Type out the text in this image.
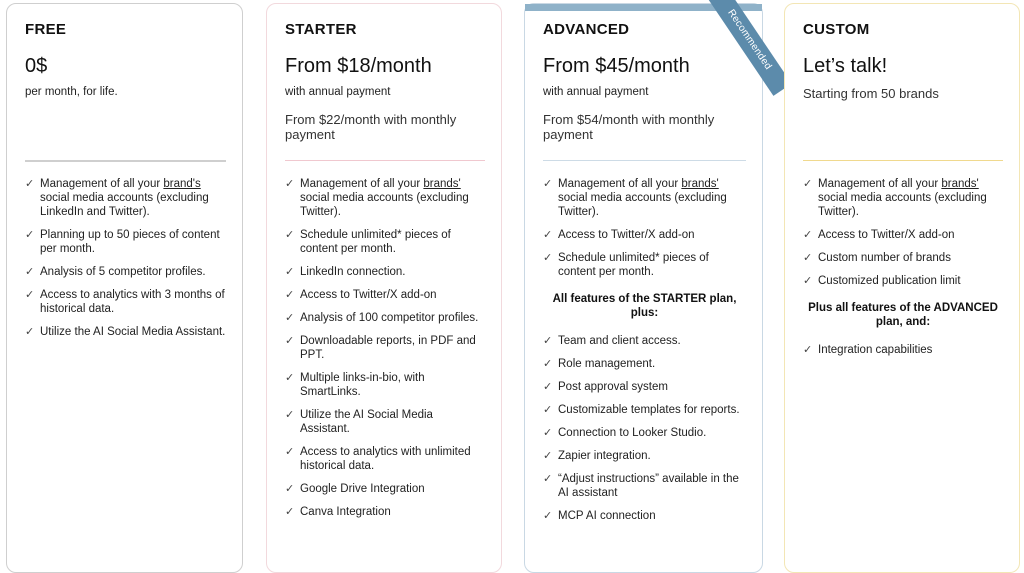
FREE
0$
per month, for life.
✓ Management of all your brand's social media accounts (excluding LinkedIn and Twitter).
✓ Planning up to 50 pieces of content per month.
✓ Analysis of 5 competitor profiles.
✓ Access to analytics with 3 months of historical data.
✓ Utilize the AI Social Media Assistant.
STARTER
From $18/month
with annual payment
From $22/month with monthly payment
✓ Management of all your brands' social media accounts (excluding Twitter).
✓ Schedule unlimited* pieces of content per month.
✓ LinkedIn connection.
✓ Access to Twitter/X add-on
✓ Analysis of 100 competitor profiles.
✓ Downloadable reports, in PDF and PPT.
✓ Multiple links-in-bio, with SmartLinks.
✓ Utilize the AI Social Media Assistant.
✓ Access to analytics with unlimited historical data.
✓ Google Drive Integration
✓ Canva Integration
Recommended
ADVANCED
From $45/month
with annual payment
From $54/month with monthly payment
✓ Management of all your brands' social media accounts (excluding Twitter).
✓ Access to Twitter/X add-on
✓ Schedule unlimited* pieces of content per month.
All features of the STARTER plan, plus:
✓ Team and client access.
✓ Role management.
✓ Post approval system
✓ Customizable templates for reports.
✓ Connection to Looker Studio.
✓ Zapier integration.
✓ “Adjust instructions” available in the AI assistant
✓ MCP AI connection
CUSTOM
Let’s talk!
Starting from 50 brands
✓ Management of all your brands' social media accounts (excluding Twitter).
✓ Access to Twitter/X add-on
✓ Custom number of brands
✓ Customized publication limit
Plus all features of the ADVANCED plan, and:
✓ Integration capabilities
